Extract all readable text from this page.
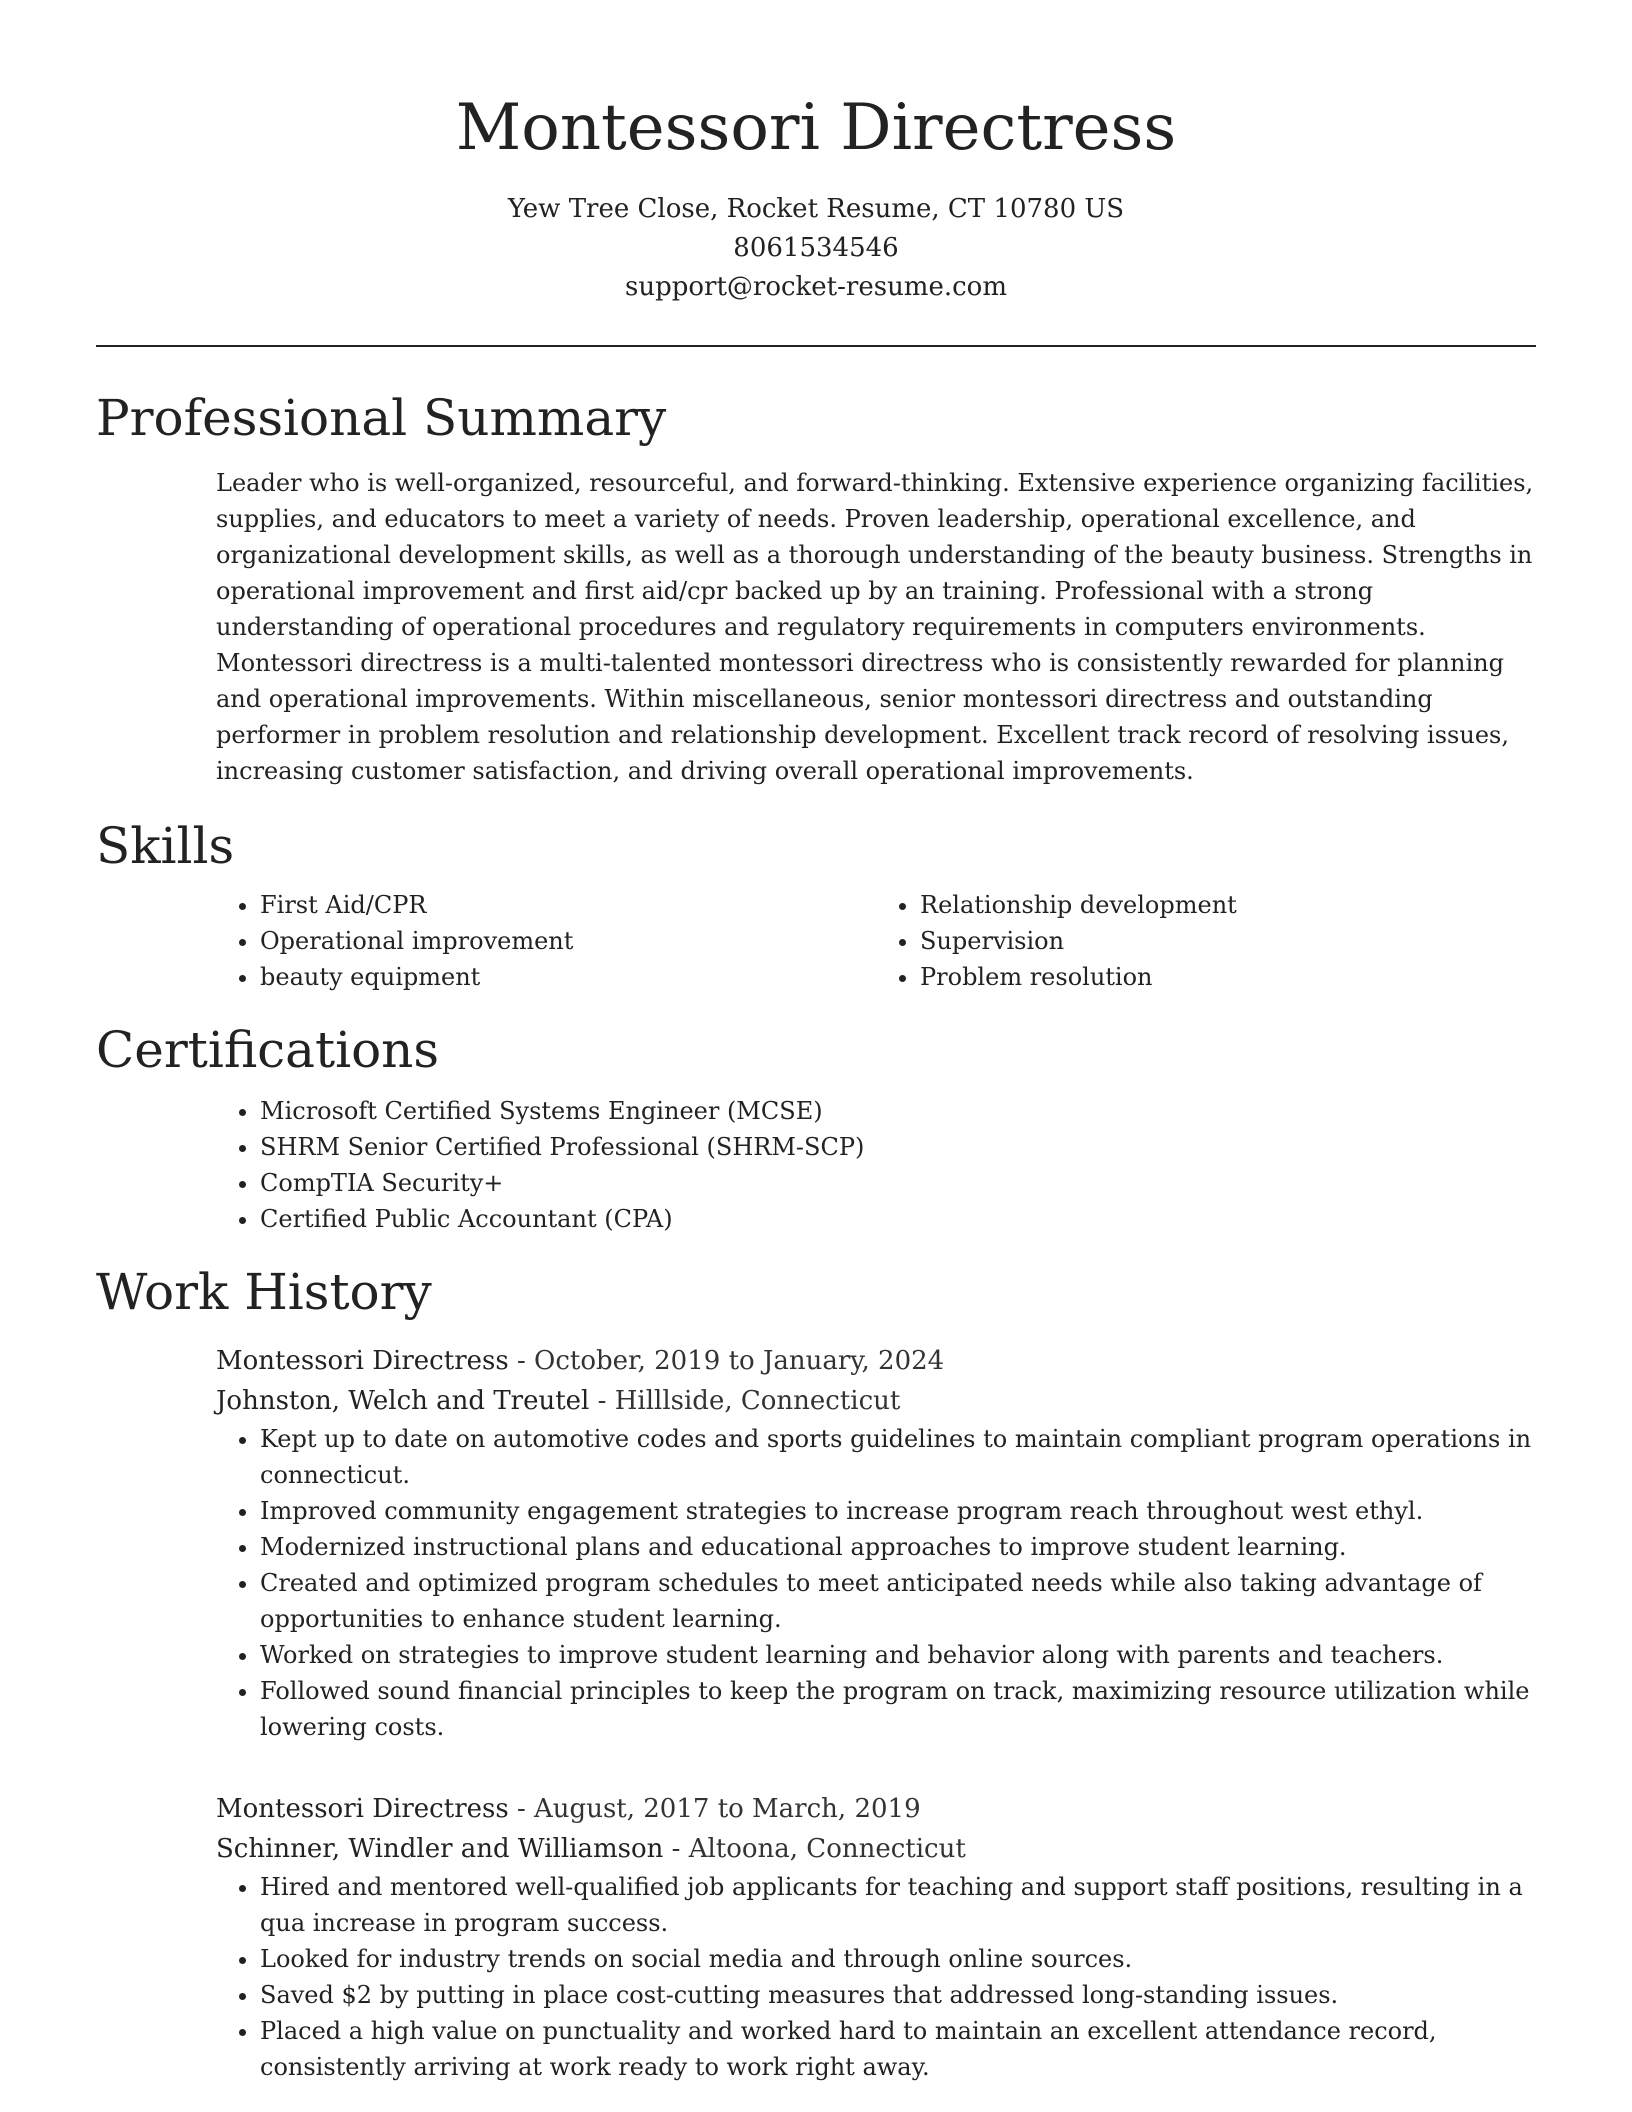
Montessori Directress
Yew Tree Close, Rocket Resume, CT 10780 US
8061534546
support@rocket-resume.com
Professional Summary
Leader who is well-organized, resourceful, and forward-thinking. Extensive experience organizing facilities, supplies, and educators to meet a variety of needs. Proven leadership, operational excellence, and organizational development skills, as well as a thorough understanding of the beauty business. Strengths in operational improvement and first aid/cpr backed up by an training. Professional with a strong understanding of operational procedures and regulatory requirements in computers environments. Montessori directress is a multi-talented montessori directress who is consistently rewarded for planning and operational improvements. Within miscellaneous, senior montessori directress and outstanding performer in problem resolution and relationship development. Excellent track record of resolving issues, increasing customer satisfaction, and driving overall operational improvements.
Skills
• First Aid/CPR
• Operational improvement
• beauty equipment
• Relationship development
• Supervision
• Problem resolution
Certifications
• Microsoft Certified Systems Engineer (MCSE)
• SHRM Senior Certified Professional (SHRM-SCP)
• CompTIA Security+
• Certified Public Accountant (CPA)
Work History
Montessori Directress - October, 2019 to January, 2024
Johnston, Welch and Treutel - Hilllside, Connecticut
• Kept up to date on automotive codes and sports guidelines to maintain compliant program operations in connecticut.
• Improved community engagement strategies to increase program reach throughout west ethyl.
• Modernized instructional plans and educational approaches to improve student learning.
• Created and optimized program schedules to meet anticipated needs while also taking advantage of opportunities to enhance student learning.
• Worked on strategies to improve student learning and behavior along with parents and teachers.
• Followed sound financial principles to keep the program on track, maximizing resource utilization while lowering costs.
Montessori Directress - August, 2017 to March, 2019
Schinner, Windler and Williamson - Altoona, Connecticut
• Hired and mentored well-qualified job applicants for teaching and support staff positions, resulting in a qua increase in program success.
• Looked for industry trends on social media and through online sources.
• Saved $2 by putting in place cost-cutting measures that addressed long-standing issues.
• Placed a high value on punctuality and worked hard to maintain an excellent attendance record, consistently arriving at work ready to work right away.
